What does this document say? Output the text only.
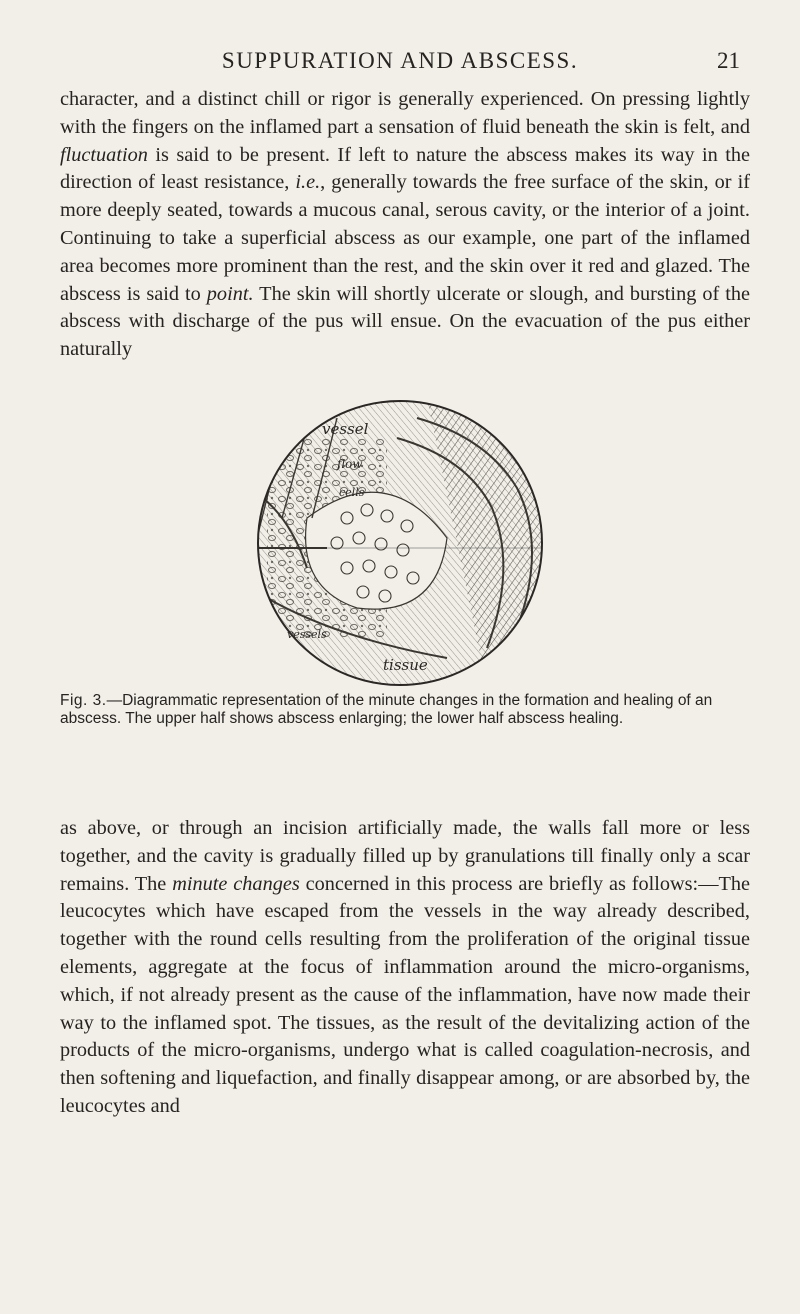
SUPPURATION AND ABSCESS.	21

character, and a distinct chill or rigor is generally experienced. On pressing lightly with the fingers on the inflamed part a sensation of fluid beneath the skin is felt, and fluctuation is said to be present. If left to nature the abscess makes its way in the direction of least resistance, i.e., generally towards the free surface of the skin, or if more deeply seated, towards a mucous canal, serous cavity, or the interior of a joint. Continuing to take a superficial abscess as our example, one part of the inflamed area becomes more prominent than the rest, and the skin over it red and glazed. The abscess is said to point. The skin will shortly ulcerate or slough, and bursting of the abscess with discharge of the pus will ensue. On the evacuation of the pus either naturally

vessel
flow
tissue
cells
vessels

Fig. 3.—Diagrammatic representation of the minute changes in the formation and healing of an abscess. The upper half shows abscess enlarging; the lower half abscess healing.

as above, or through an incision artificially made, the walls fall more or less together, and the cavity is gradually filled up by granulations till finally only a scar remains. The minute changes concerned in this process are briefly as follows:—The leucocytes which have escaped from the vessels in the way already described, together with the round cells resulting from the proliferation of the original tissue elements, aggregate at the focus of inflammation around the micro-organisms, which, if not already present as the cause of the inflammation, have now made their way to the inflamed spot. The tissues, as the result of the devitalizing action of the products of the micro-organisms, undergo what is called coagulation-necrosis, and then softening and liquefaction, and finally disappear among, or are absorbed by, the leucocytes and
